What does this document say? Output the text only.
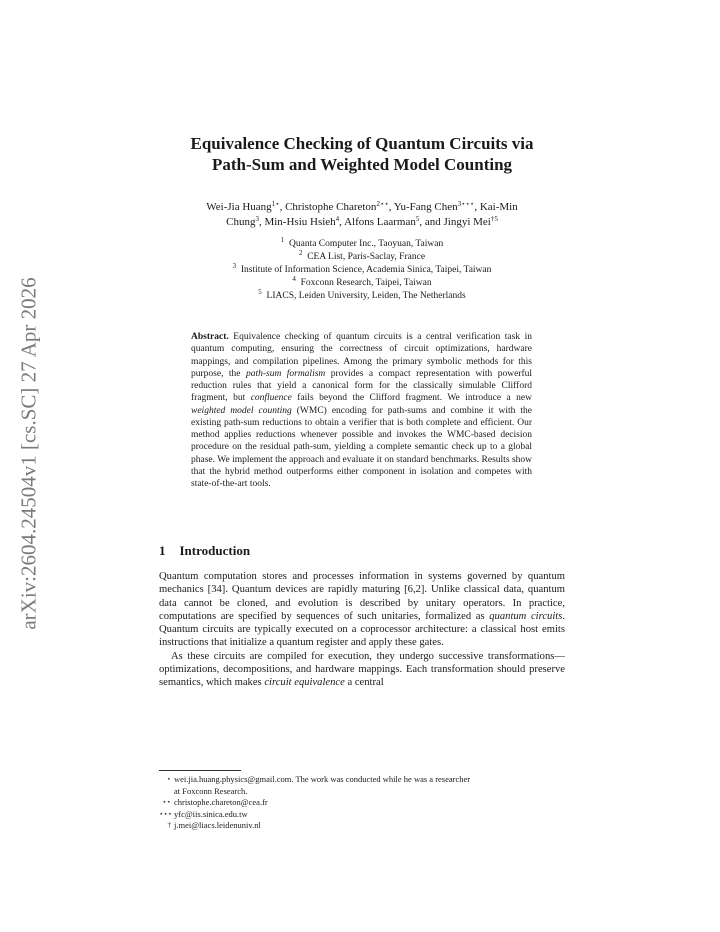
arXiv:2604.24504v1 [cs.SC] 27 Apr 2026
Equivalence Checking of Quantum Circuits via
Path-Sum and Weighted Model Counting
Wei-Jia Huang$^{1⋆}$, Christophe Chareton$^{2⋆⋆}$, Yu-Fang Chen$^{3⋆⋆⋆}$, Kai-Min
Chung$^3$, Min-Hsiu Hsieh$^4$, Alfons Laarman$^5$, and Jingyi Mei$^{\dagger 5}$
$^1$ Quanta Computer Inc., Taoyuan, Taiwan
$^2$ CEA List, Paris-Saclay, France
$^3$ Institute of Information Science, Academia Sinica, Taipei, Taiwan
$^4$ Foxconn Research, Taipei, Taiwan
$^5$ LIACS, Leiden University, Leiden, The Netherlands
Abstract. Equivalence checking of quantum circuits is a central verification task in quantum computing, ensuring the correctness of circuit optimizations, hardware mappings, and compilation pipelines. Among the primary symbolic methods for this purpose, the path-sum formalism provides a compact representation with powerful reduction rules that yield a canonical form for the classically simulable Clifford fragment, but confluence fails beyond the Clifford fragment. We introduce a new weighted model counting (WMC) encoding for path-sums and combine it with the existing path-sum reductions to obtain a verifier that is both complete and efficient. Our method applies reductions whenever possible and invokes the WMC-based decision procedure on the residual path-sum, yielding a complete semantic check up to a global phase. We implement the approach and evaluate it on standard benchmarks. Results show that the hybrid method outperforms either component in isolation and competes with state-of-the-art tools.
1 Introduction

Quantum computation stores and processes information in systems governed by quantum mechanics [34]. Quantum devices are rapidly maturing [6,2]. Unlike classical data, quantum data cannot be cloned, and evolution is described by unitary operators. In practice, computations are specified by sequences of such unitaries, formalized as quantum circuits. Quantum circuits are typically executed on a coprocessor architecture: a classical host emits instructions that initialize a quantum register and apply these gates.

As these circuits are compiled for execution, they undergo successive transformations—optimizations, decompositions, and hardware mappings. Each transformation should preserve semantics, which makes circuit equivalence a central

⋆ wei.jia.huang.physics@gmail.com. The work was conducted while he was a researcher
at Foxconn Research.
⋆⋆ christophe.chareton@cea.fr
⋆⋆⋆ yfc@iis.sinica.edu.tw
† j.mei@liacs.leidenuniv.nl
